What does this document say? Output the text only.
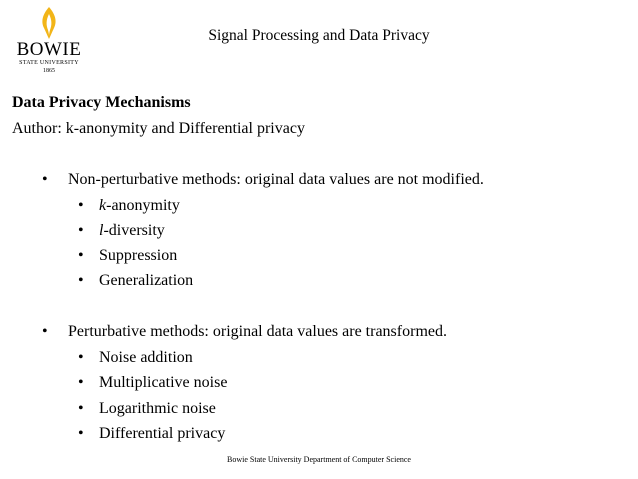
BOWIE
STATE UNIVERSITY
1865
Signal Processing and Data Privacy
Data Privacy Mechanisms
Author: k-anonymity and Differential privacy
• Non-perturbative methods: original data values are not modified.
• k-anonymity
• l-diversity
• Suppression
• Generalization
• Perturbative methods: original data values are transformed.
• Noise addition
• Multiplicative noise
• Logarithmic noise
• Differential privacy
Bowie State University Department of Computer Science
